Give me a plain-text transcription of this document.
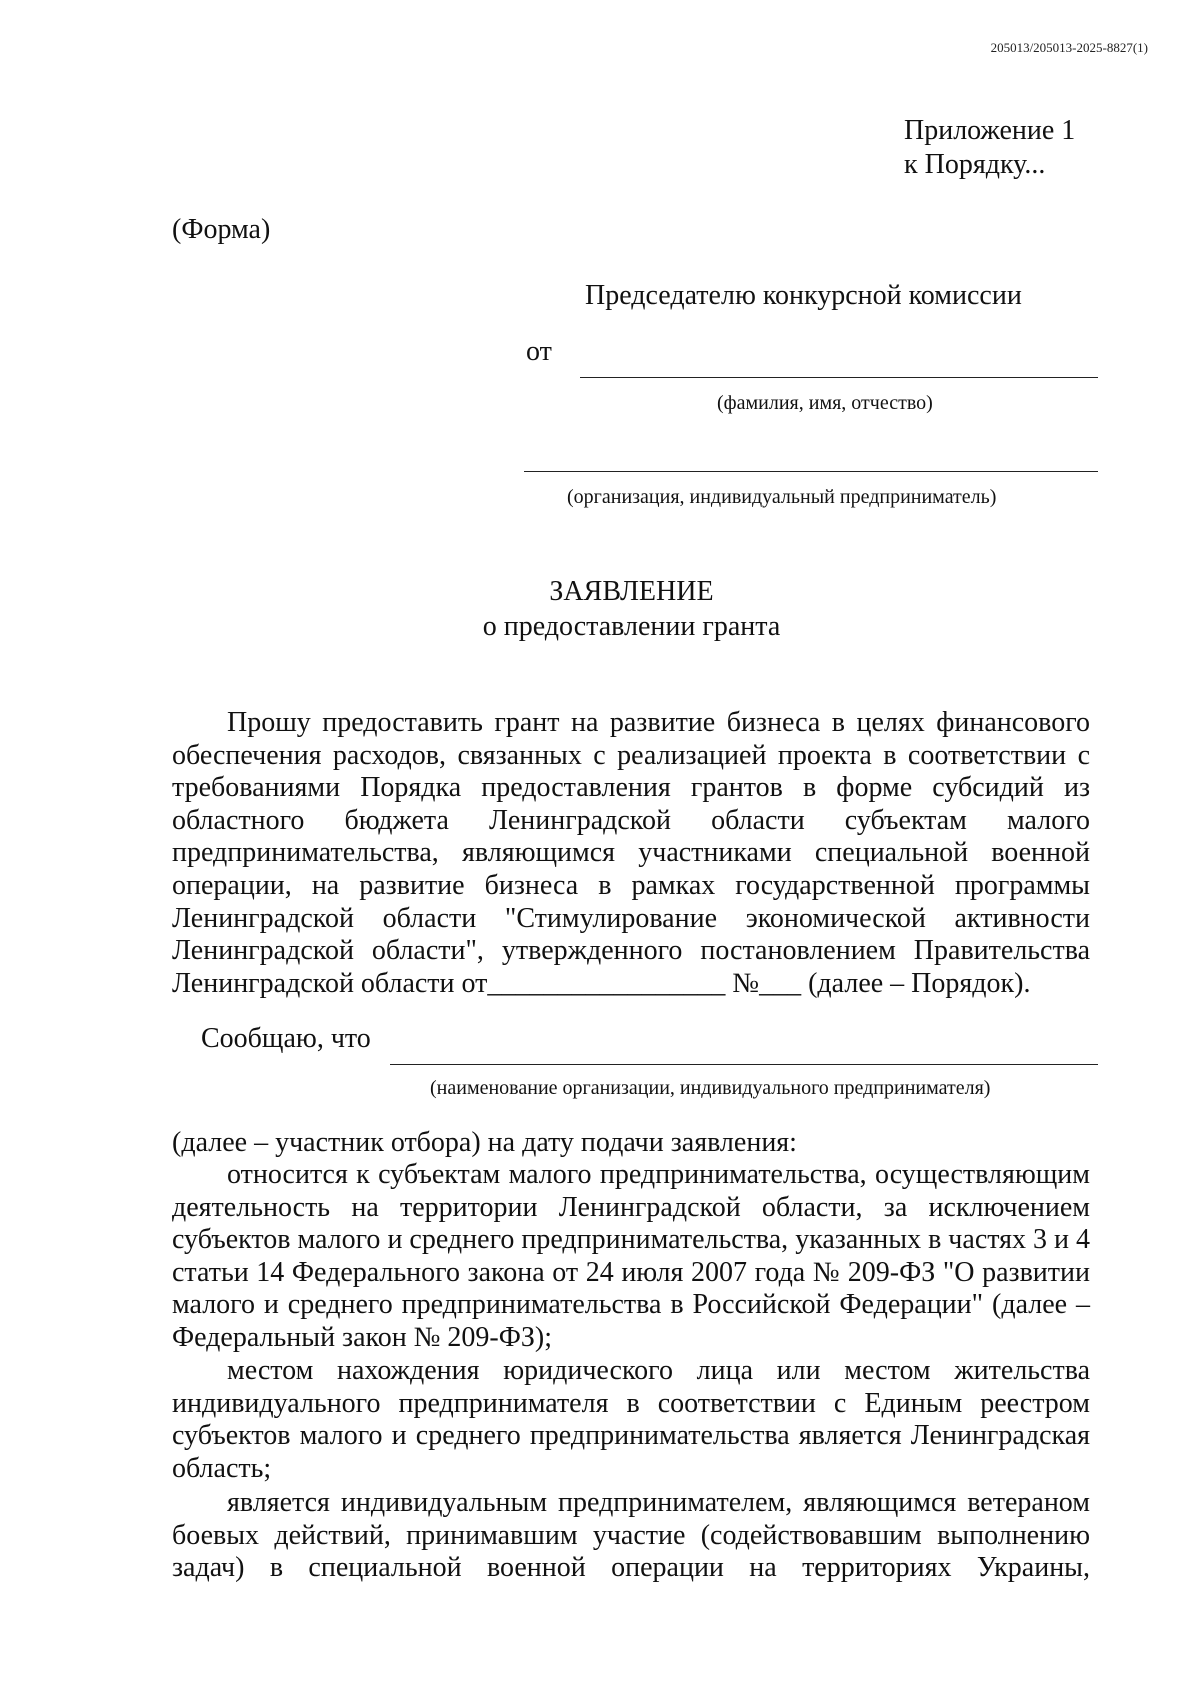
205013/205013-2025-8827(1)
Приложение 1
к Порядку...
(Форма)
Председателю конкурсной комиссии
от
(фамилия, имя, отчество)
(организация, индивидуальный предприниматель)
ЗАЯВЛЕНИЕ
о предоставлении гранта

Прошу предоставить грант на развитие бизнеса в целях финансового обеспечения расходов, связанных с реализацией проекта в соответствии с требованиями Порядка предоставления грантов в форме субсидий из областного бюджета Ленинградской области субъектам малого предпринимательства, являющимся участниками специальной военной операции, на развитие бизнеса в рамках государственной программы Ленинградской области "Стимулирование экономической активности Ленинградской области", утвержденного постановлением Правительства Ленинградской области от_________________ №___ (далее – Порядок).

Сообщаю, что
(наименование организации, индивидуального предпринимателя)

(далее – участник отбора) на дату подачи заявления:

относится к субъектам малого предпринимательства, осуществляющим деятельность на территории Ленинградской области, за исключением субъектов малого и среднего предпринимательства, указанных в частях 3 и 4 статьи 14 Федерального закона от 24 июля 2007 года № 209-ФЗ "О развитии малого и среднего предпринимательства в Российской Федерации" (далее – Федеральный закон № 209-ФЗ);

местом нахождения юридического лица или местом жительства индивидуального предпринимателя в соответствии с Единым реестром субъектов малого и среднего предпринимательства является Ленинградская область;

является индивидуальным предпринимателем, являющимся ветераном боевых действий, принимавшим участие (содействовавшим выполнению задач) в специальной военной операции на территориях Украины,
